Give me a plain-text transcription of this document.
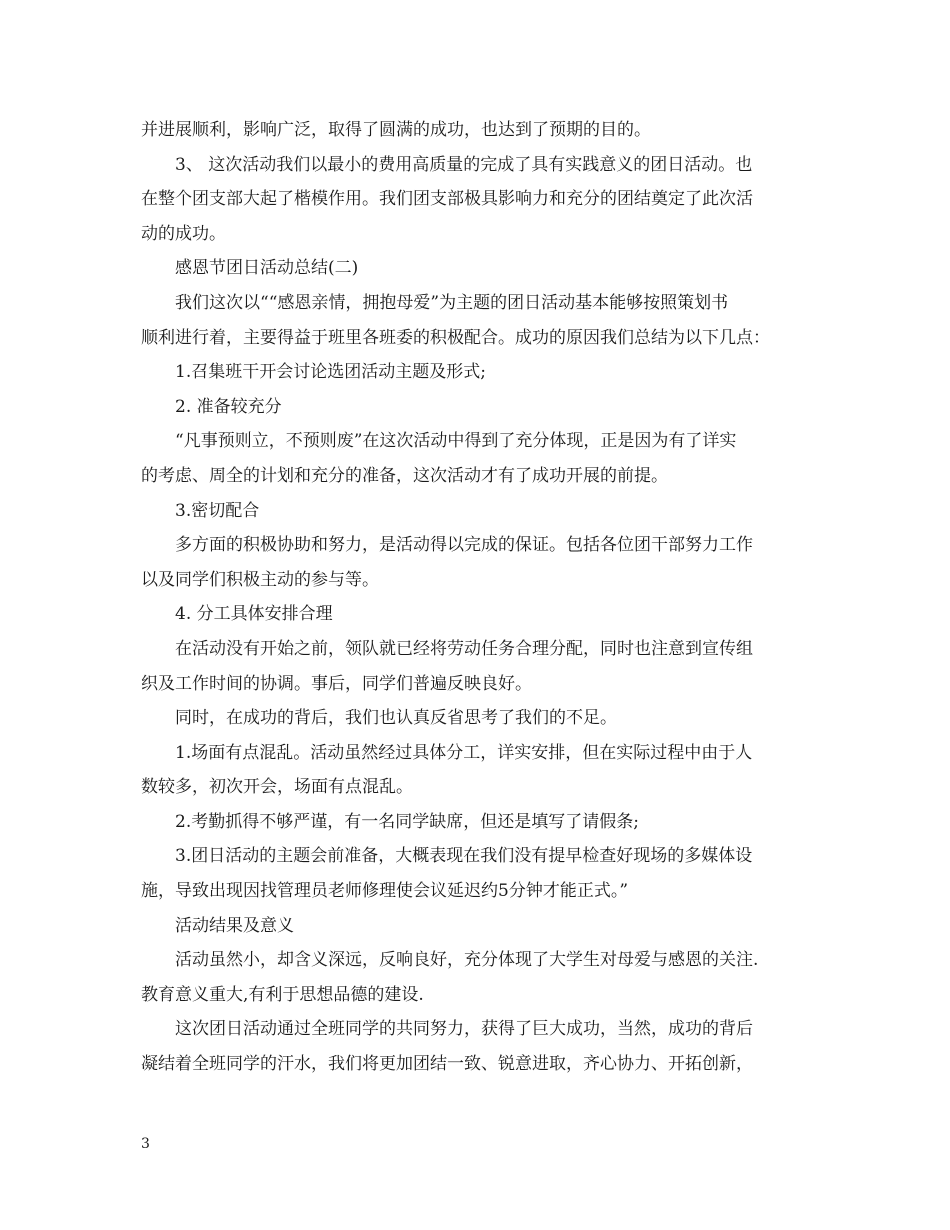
并进展顺利，影响广泛，取得了圆满的成功，也达到了预期的目的。

3、 这次活动我们以最小的费用高质量的完成了具有实践意义的团日活动。也

在整个团支部大起了楷模作用。我们团支部极具影响力和充分的团结奠定了此次活

动的成功。

感恩节团日活动总结(二)

我们这次以““感恩亲情，拥抱母爱”为主题的团日活动基本能够按照策划书

顺利进行着，主要得益于班里各班委的积极配合。成功的原因我们总结为以下几点：

1.召集班干开会讨论选团活动主题及形式;

2. 准备较充分

“凡事预则立，不预则废”在这次活动中得到了充分体现，正是因为有了详实

的考虑、周全的计划和充分的准备，这次活动才有了成功开展的前提。

3.密切配合

多方面的积极协助和努力，是活动得以完成的保证。包括各位团干部努力工作

以及同学们积极主动的参与等。

4. 分工具体安排合理

在活动没有开始之前，领队就已经将劳动任务合理分配，同时也注意到宣传组

织及工作时间的协调。事后，同学们普遍反映良好。

同时，在成功的背后，我们也认真反省思考了我们的不足。

1.场面有点混乱。活动虽然经过具体分工，详实安排，但在实际过程中由于人

数较多，初次开会，场面有点混乱。

2.考勤抓得不够严谨，有一名同学缺席，但还是填写了请假条;

3.团日活动的主题会前准备，大概表现在我们没有提早检查好现场的多媒体设

施，导致出现因找管理员老师修理使会议延迟约5分钟才能正式。”

活动结果及意义

活动虽然小，却含义深远，反响良好，充分体现了大学生对母爱与感恩的关注.

教育意义重大,有利于思想品德的建设.

这次团日活动通过全班同学的共同努力，获得了巨大成功，当然，成功的背后

凝结着全班同学的汗水，我们将更加团结一致、锐意进取，齐心协力、开拓创新，

3
